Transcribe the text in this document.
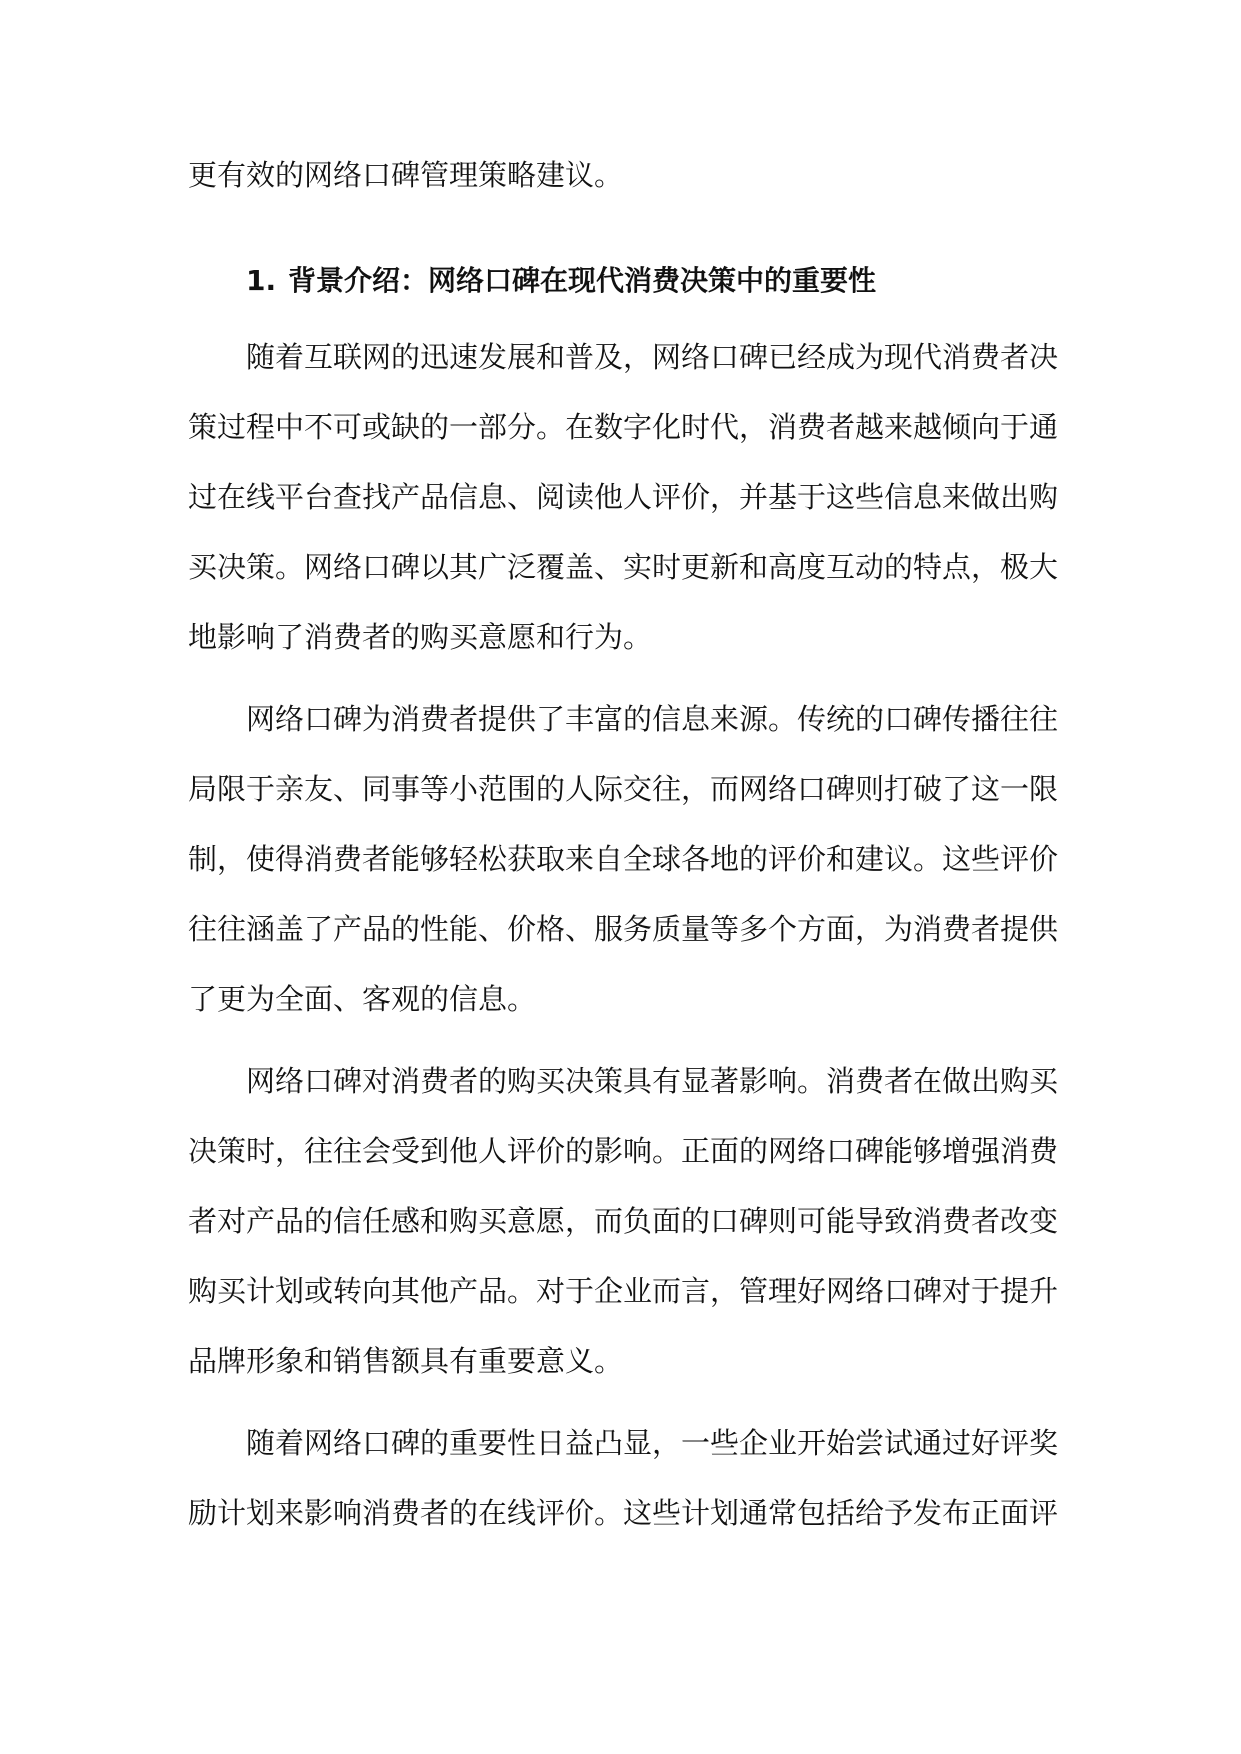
更有效的网络口碑管理策略建议。
1. 背景介绍：网络口碑在现代消费决策中的重要性
随着互联网的迅速发展和普及，网络口碑已经成为现代消费者决
策过程中不可或缺的一部分。在数字化时代，消费者越来越倾向于通
过在线平台查找产品信息、阅读他人评价，并基于这些信息来做出购
买决策。网络口碑以其广泛覆盖、实时更新和高度互动的特点，极大
地影响了消费者的购买意愿和行为。
网络口碑为消费者提供了丰富的信息来源。传统的口碑传播往往
局限于亲友、同事等小范围的人际交往，而网络口碑则打破了这一限
制，使得消费者能够轻松获取来自全球各地的评价和建议。这些评价
往往涵盖了产品的性能、价格、服务质量等多个方面，为消费者提供
了更为全面、客观的信息。
网络口碑对消费者的购买决策具有显著影响。消费者在做出购买
决策时，往往会受到他人评价的影响。正面的网络口碑能够增强消费
者对产品的信任感和购买意愿，而负面的口碑则可能导致消费者改变
购买计划或转向其他产品。对于企业而言，管理好网络口碑对于提升
品牌形象和销售额具有重要意义。
随着网络口碑的重要性日益凸显，一些企业开始尝试通过好评奖
励计划来影响消费者的在线评价。这些计划通常包括给予发布正面评
